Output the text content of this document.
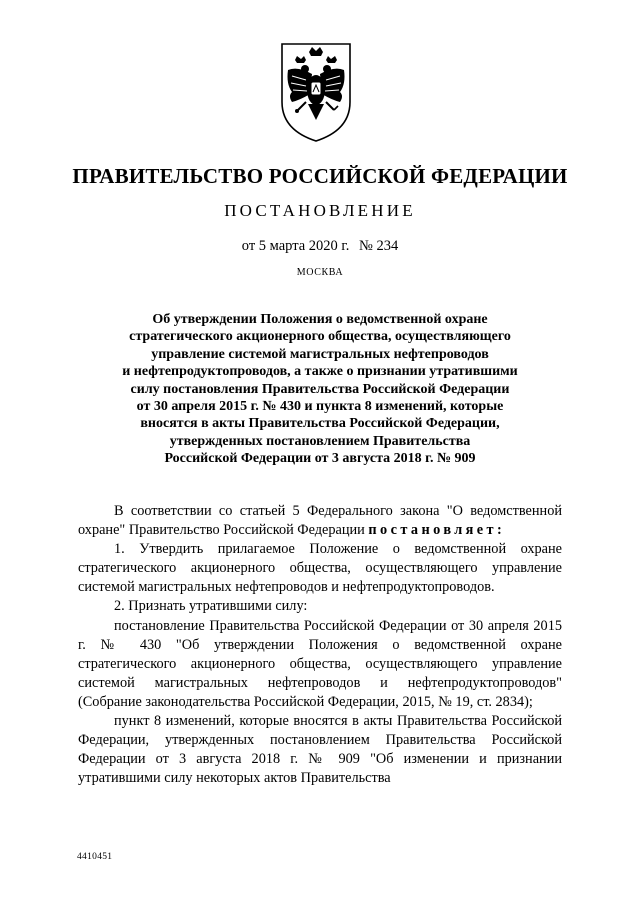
ПРАВИТЕЛЬСТВО РОССИЙСКОЙ ФЕДЕРАЦИИ
ПОСТАНОВЛЕНИЕ
от 5 марта 2020 г. № 234
МОСКВА
Об утверждении Положения о ведомственной охране
стратегического акционерного общества, осуществляющего
управление системой магистральных нефтепроводов
и нефтепродуктопроводов, а также о признании утратившими
силу постановления Правительства Российской Федерации
от 30 апреля 2015 г. № 430 и пункта 8 изменений, которые
вносятся в акты Правительства Российской Федерации,
утвержденных постановлением Правительства
Российской Федерации от 3 августа 2018 г. № 909

В соответствии со статьей 5 Федерального закона "О ведомственной охране" Правительство Российской Федерации постановляет:

1. Утвердить прилагаемое Положение о ведомственной охране стратегического акционерного общества, осуществляющего управление системой магистральных нефтепроводов и нефтепродуктопроводов.

2. Признать утратившими силу:

постановление Правительства Российской Федерации от 30 апреля 2015 г. № 430 "Об утверждении Положения о ведомственной охране стратегического акционерного общества, осуществляющего управление системой магистральных нефтепроводов и нефтепродуктопроводов" (Собрание законодательства Российской Федерации, 2015, № 19, ст. 2834);

пункт 8 изменений, которые вносятся в акты Правительства Российской Федерации, утвержденных постановлением Правительства Российской Федерации от 3 августа 2018 г. № 909 "Об изменении и признании утратившими силу некоторых актов Правительства

4410451
